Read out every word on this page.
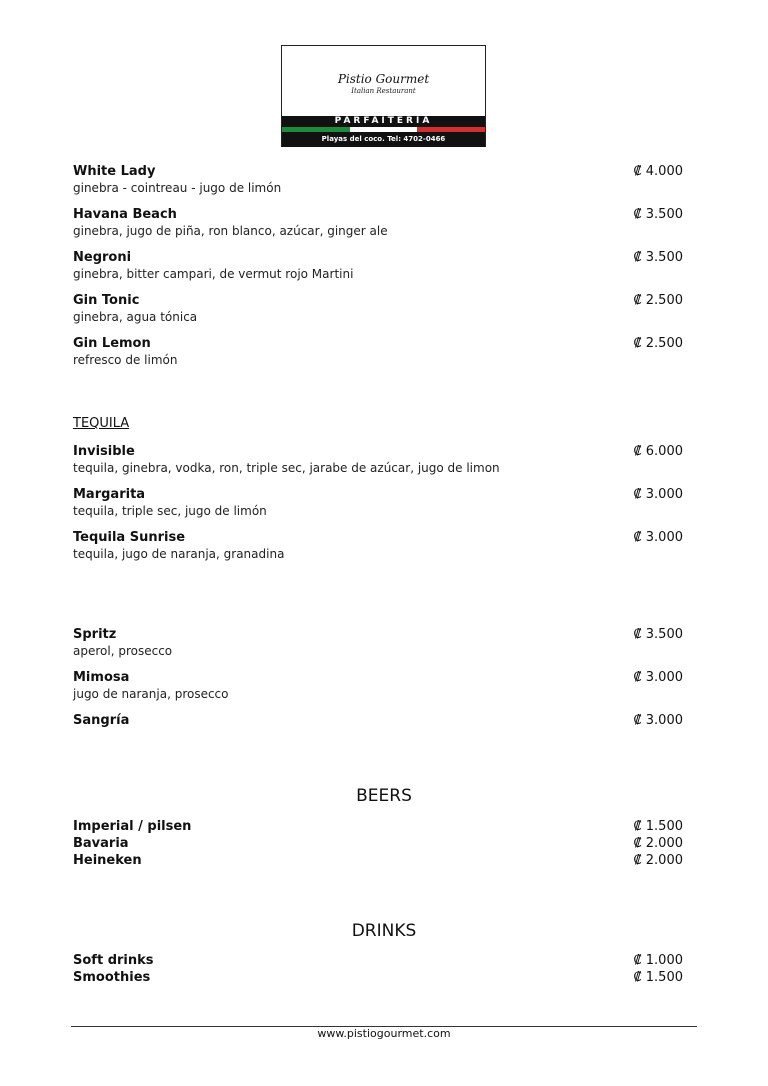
Pistio Gourmet
Italian Restaurant
PARFAITERIA
Playas del coco. Tel: 4702-0466
White Lady
ginebra - cointreau - jugo de limón
₡ 4.000
Havana Beach
ginebra, jugo de piña, ron blanco, azúcar, ginger ale
₡ 3.500
Negroni
ginebra, bitter campari, de vermut rojo Martini
₡ 3.500
Gin Tonic
ginebra, agua tónica
₡ 2.500
Gin Lemon
refresco de limón
₡ 2.500
TEQUILA
Invisible
tequila, ginebra, vodka, ron, triple sec, jarabe de azúcar, jugo de limon
₡ 6.000
Margarita
tequila, triple sec, jugo de limón
₡ 3.000
Tequila Sunrise
tequila, jugo de naranja, granadina
₡ 3.000
Spritz
aperol, prosecco
₡ 3.500
Mimosa
jugo de naranja, prosecco
₡ 3.000
Sangría	₡ 3.000
BEERS
Imperial / pilsen	₡ 1.500
Bavaria	₡ 2.000
Heineken	₡ 2.000
DRINKS
Soft drinks	₡ 1.000
Smoothies	₡ 1.500
www.pistiogourmet.com
